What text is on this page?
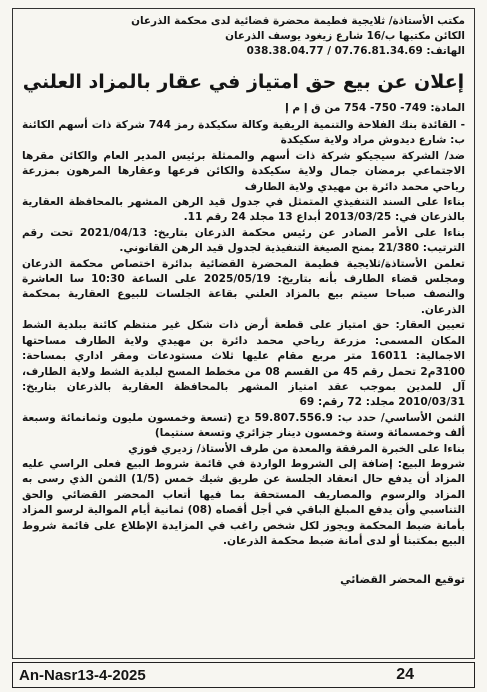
مكتب الأستاذة/ ثلايجية فطيمة محضرة قضائية لدى محكمة الذرعان
الكائن مكتبها ب/16 شارع زيغود يوسف الذرعان
الهاتف: 07.76.81.34.69 / 038.38.04.77
إعلان عن بيع حق امتياز في عقار بالمزاد العلني
المادة: 749- 750- 754 من ق إ م إ

- القائدة بنك الفلاحة والتنمية الريفية وكالة سكيكدة رمز 744 شركة ذات أسهم الكائنة ب: شارع ديدوش مراد ولاية سكيكدة

ضد/ الشركة سيجيكو شركة ذات أسهم والممثلة برئيس المدير العام والكائن مقرها الاجتماعي برمضان جمال ولاية سكيكدة والكائن فرعها وعقارها المرهون بمزرعة رياحي محمد دائرة بن مهيدي ولاية الطارف

بناءا على السند التنفيذي المتمثل في جدول قيد الرهن المشهر بالمحافظة العقارية بالذرعان في: 2013/03/25 أبداع 13 مجلد 24 رقم 11.

بناءا على الأمر الصادر عن رئيس محكمة الذرعان بتاريخ: 2021/04/13 تحت رقم الترتيب: 21/380 بمنح الصيغة التنفيذية لجدول قيد الرهن القانوني.

تعلمن الأستاذة/ثلايجية فطيمة المحضرة القضائية بدائرة اختصاص محكمة الذرعان ومجلس قضاء الطارف بأنه بتاريخ: 2025/05/19 على الساعة 10:30 سا العاشرة والنصف صباحا سيتم بيع بالمزاد العلني بقاعة الجلسات للبيوع العقارية بمحكمة الذرعان.

تعيين العقار: حق امتياز على قطعة أرض ذات شكل غير منتظم كائنة ببلدية الشط المكان المسمى: مزرعة رياحي محمد دائرة بن مهيدي ولاية الطارف مساحتها الاجمالية: 16011 متر مربع مقام عليها ثلاث مستودعات ومقر اداري بمساحة: 3100م2 تحمل رقم 45 من القسم 08 من مخطط المسح لبلدية الشط ولاية الطارف، آل للمدين بموجب عقد امتياز المشهر بالمحافظة العقارية بالذرعان بتاريخ: 2010/03/31 مجلد: 72 رقم: 69

الثمن الأساسي/ حدد ب: 59.807.556.9 دج (تسعة وخمسون مليون وثمانمائة وسبعة ألف وخمسمائة وستة وخمسون دينار جزائري وتسعة سنتيما)

بناءا على الخبرة المرفقة والمعدة من طرف الأستاذ/ زديري فوزي

شروط البيع: إضافة إلى الشروط الواردة في قائمة شروط البيع فعلى الراسي عليه المزاد أن يدفع حال انعقاد الجلسة عن طريق شيك خمس (1/5) الثمن الذي رسى به المزاد والرسوم والمصاريف المستحقة بما فيها أتعاب المحضر القضائي والحق التناسبي وأن يدفع المبلغ الباقي في أجل أقصاه (08) ثمانية أيام الموالية لرسو المزاد بأمانة ضبط المحكمة ويجوز لكل شخص راغب في المزايدة الإطلاع على قائمة شروط البيع بمكتبنا أو لدى أمانة ضبط محكمة الذرعان.

توقيع المحضر القضائي
An-Nasr13-4-2025	24
